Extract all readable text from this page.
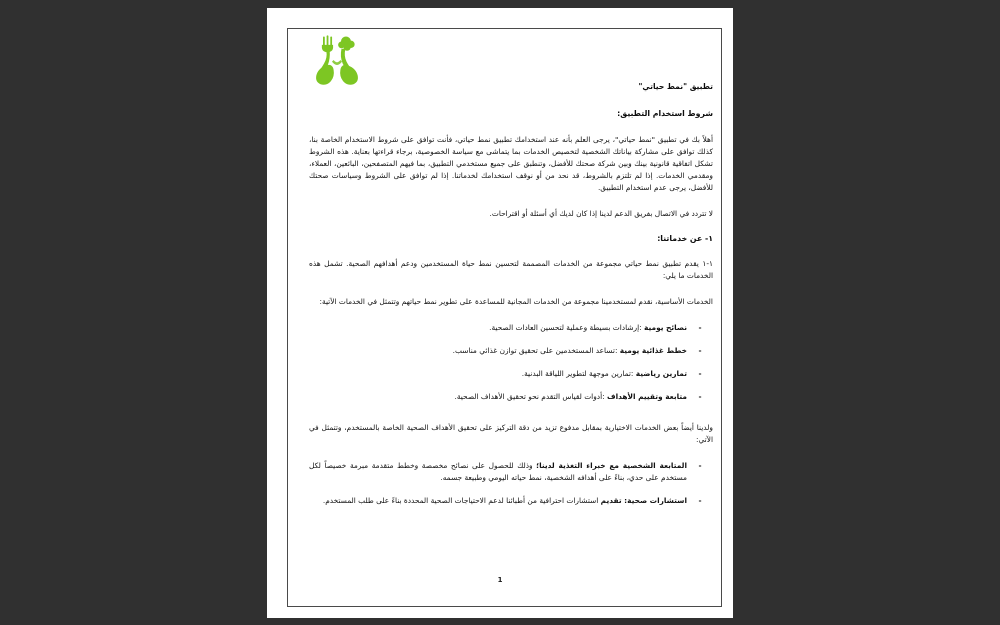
تطبيق "نمط حياتي"
شروط استخدام التطبيق:

أهلاً بك في تطبيق "نمط حياتي"، يرجى العلم بأنه عند استخدامك تطبيق نمط حياتي، فأنت توافق على شروط الاستخدام الخاصة بنا، كذلك توافق على مشاركة بياناتك الشخصية لتخصيص الخدمات بما يتماشى مع سياسة الخصوصية، برجاء قراءتها بعناية. هذه الشروط تشكل اتفاقية قانونية بينك وبين شركة صحتك للأفضل، وتنطبق على جميع مستخدمي التطبيق، بما فيهم المتصفحين، البائعين، العملاء، ومقدمي الخدمات. إذا لم تلتزم بالشروط، قد نحد من أو نوقف استخدامك لخدماتنا. إذا لم توافق على الشروط وسياسات صحتك للأفضل، يرجى عدم استخدام التطبيق.

لا تتردد في الاتصال بفريق الدعم لدينا إذا كان لديك أي أسئلة أو اقتراحات.

١- عن خدماتنا:

١-١ يقدم تطبيق نمط حياتي مجموعة من الخدمات المصممة لتحسين نمط حياة المستخدمين ودعم أهدافهم الصحية. تشمل هذه الخدمات ما يلي:

الخدمات الأساسية، نقدم لمستخدمينا مجموعة من الخدمات المجانية للمساعدة على تطوير نمط حياتهم وتتمثل في الخدمات الآتية:

-
نصائح يومية :إرشادات بسيطة وعملية لتحسين العادات الصحية.
-
خطط غذائية يومية :تساعد المستخدمين على تحقيق توازن غذائي مناسب.
-
تمارين رياضية :تمارين موجهة لتطوير اللياقة البدنية.
-
متابعة وتقييم الأهداف :أدوات لقياس التقدم نحو تحقيق الأهداف الصحية.

ولدينا أيضاً بعض الخدمات الاختيارية بمقابل مدفوع تزيد من دقة التركيز على تحقيق الأهداف الصحية الخاصة بالمستخدم، وتتمثل في الآتي:

-
المتابعة الشخصية مع خبراء التغذية لدينا؛ وذلك للحصول على نصائح مخصصة وخطط متقدمة مبرمة خصيصاً لكل مستخدم على حدي، بناءً على أهدافه الشخصية، نمط حياته اليومي وطبيعة جسمه.
-
استشارات صحية: تقديم استشارات احترافية من أطبائنا لدعم الاحتياجات الصحية المحددة بناءً على طلب المستخدم.
1
